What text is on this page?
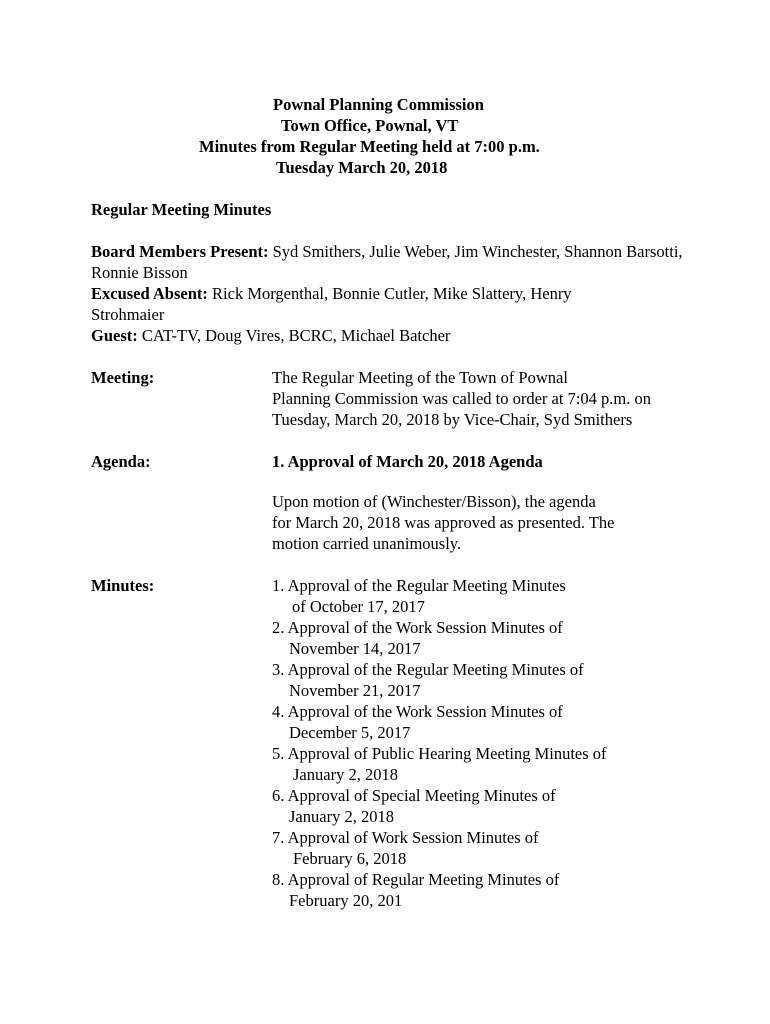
Pownal Planning Commission
Town Office, Pownal, VT
Minutes from Regular Meeting held at 7:00 p.m.
Tuesday March 20, 2018
Regular Meeting Minutes
Board Members Present: Syd Smithers, Julie Weber, Jim Winchester, Shannon Barsotti, Ronnie Bisson
Excused Absent: Rick Morgenthal, Bonnie Cutler, Mike Slattery, Henry Strohmaier
Guest: CAT-TV, Doug Vires, BCRC, Michael Batcher
Meeting:	The Regular Meeting of the Town of Pownal
Planning Commission was called to order at 7:04 p.m. on
Tuesday, March 20, 2018 by Vice-Chair, Syd Smithers
Agenda:	1. Approval of March 20, 2018 Agenda
Upon motion of (Winchester/Bisson), the agenda
for March 20, 2018 was approved as presented. The
motion carried unanimously.
Minutes:	1. Approval of the Regular Meeting Minutes
of October 17, 2017
2. Approval of the Work Session Minutes of
November 14, 2017
3. Approval of the Regular Meeting Minutes of
November 21, 2017
4. Approval of the Work Session Minutes of
December 5, 2017
5. Approval of Public Hearing Meeting Minutes of
January 2, 2018
6. Approval of Special Meeting Minutes of
January 2, 2018
7. Approval of Work Session Minutes of
February 6, 2018
8. Approval of Regular Meeting Minutes of
February 20, 201
